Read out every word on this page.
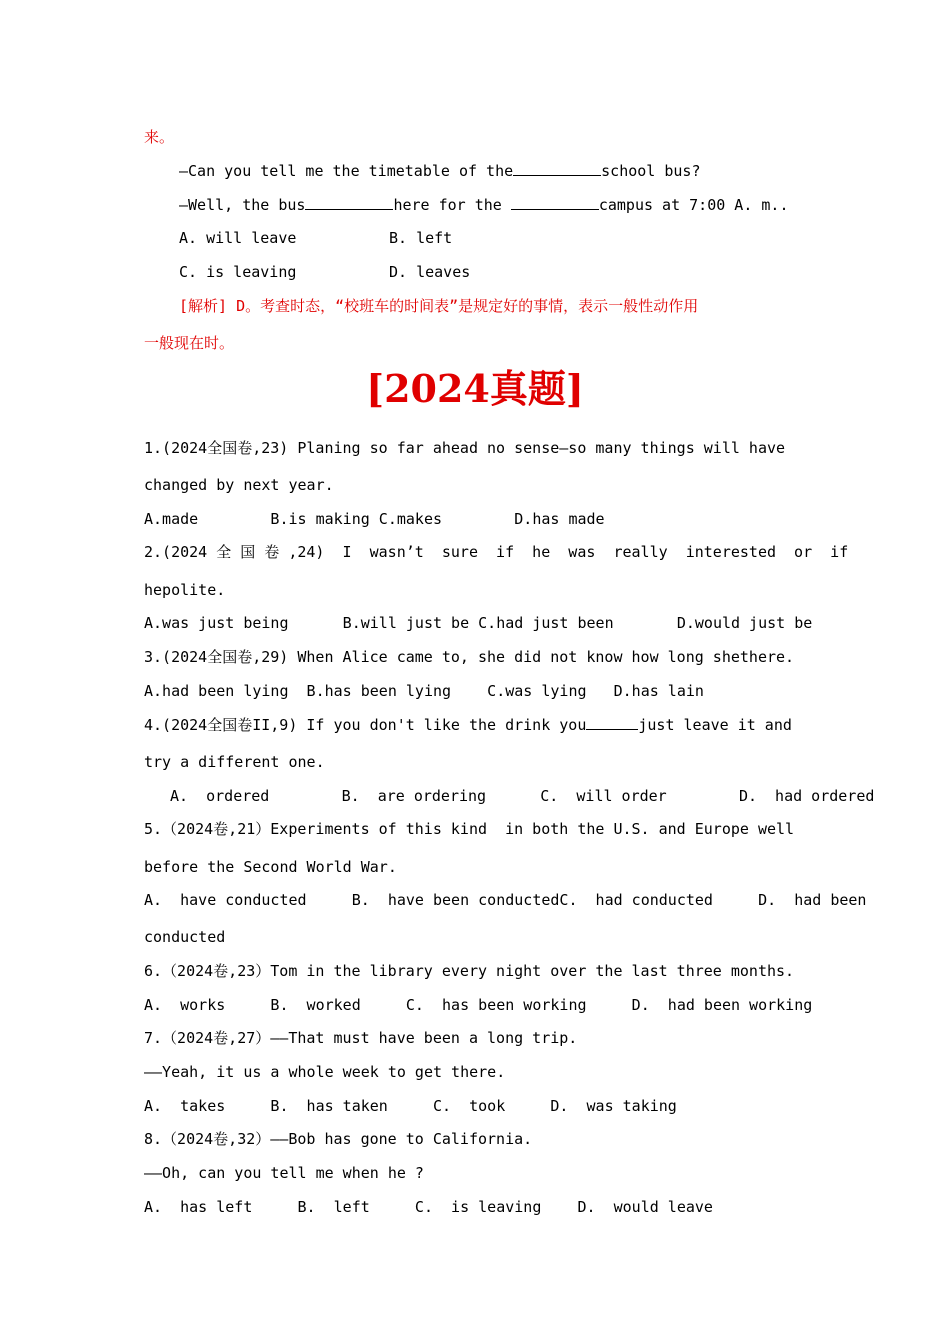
来。
—Can you tell me the timetable of the	school bus?
—Well, the bus	here for the	campus at 7:00 A. m..
A. will leave	B. left
C. is leaving	D. leaves
[解析] D。考查时态，“校班车的时间表”是规定好的事情，表示一般性动作用
一般现在时。
[2024真题]
1.(2024全国卷,23) Planing so far ahead no sense—so many things will have
changed by next year.
A.made        B.is making C.makes        D.has made
2.(2024 全 国 卷 ,24)  I  wasn’t  sure  if  he  was  really  interested  or  if
hepolite.
A.was just being      B.will just be C.had just been       D.would just be
3.(2024全国卷,29) When Alice came to, she did not know how long shethere.
A.had been lying  B.has been lying    C.was lying   D.has lain
4.(2024全国卷II,9) If you don't like the drink you	just leave it and
try a different one.
A.  ordered        B.  are ordering      C.  will order        D.  had ordered
5.（2024卷,21）Experiments of this kind  in both the U.S. and Europe well
before the Second World War.
A.  have conducted     B.  have been conductedC.  had conducted     D.  had been
conducted
6.（2024卷,23）Tom in the library every night over the last three months.
A.  works     B.  worked     C.  has been working     D.  had been working
7.（2024卷,27）——That must have been a long trip.
——Yeah, it us a whole week to get there.
A.  takes     B.  has taken     C.  took     D.  was taking
8.（2024卷,32）——Bob has gone to California.
——Oh, can you tell me when he ?
A.  has left     B.  left     C.  is leaving    D.  would leave
